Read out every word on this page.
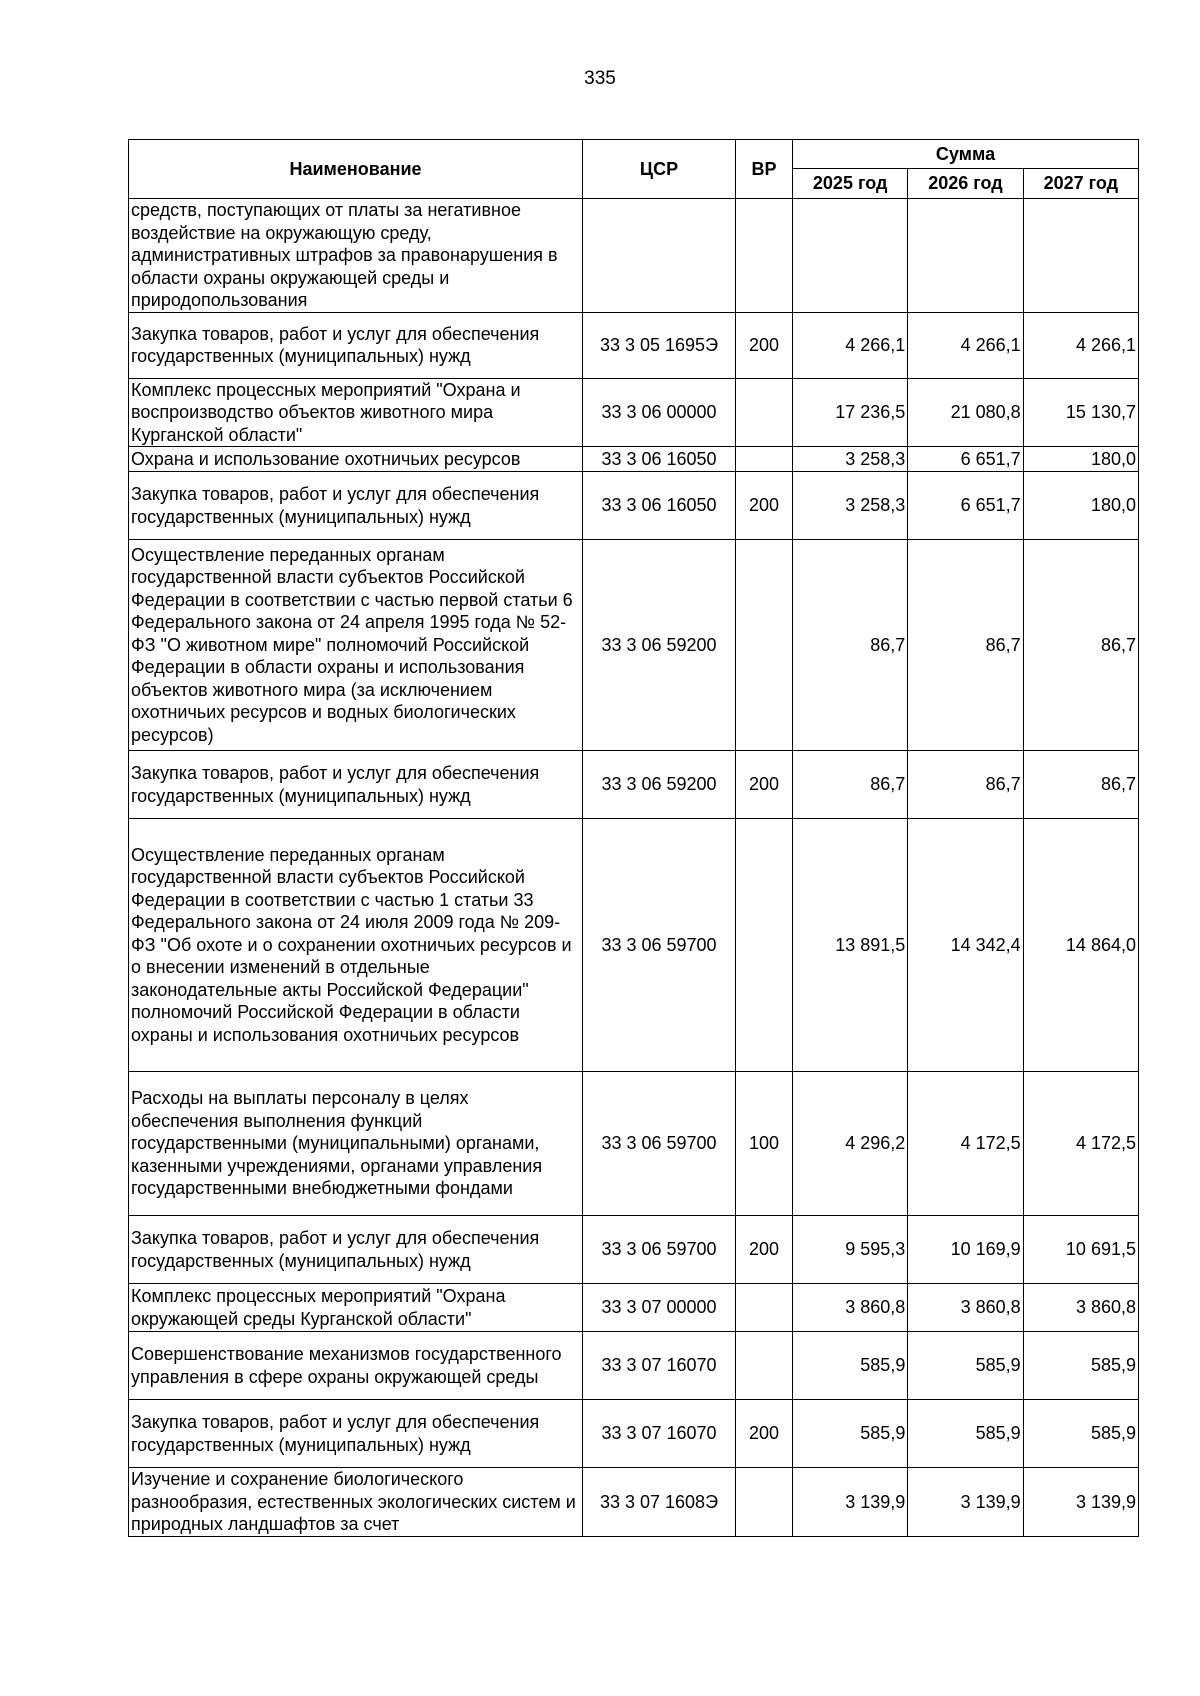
335
Наименование	ЦСР	ВР	Сумма		
			2025 год	2026 год	2027 год
средств, поступающих от платы за негативное воздействие на окружающую среду, административных штрафов за правонарушения в области охраны окружающей среды и природопользования					
Закупка товаров, работ и услуг для обеспечения государственных (муниципальных) нужд	33 3 05 1695Э	200	4 266,1	4 266,1	4 266,1
Комплекс процессных мероприятий "Охрана и воспроизводство объектов животного мира Курганской области"	33 3 06 00000		17 236,5	21 080,8	15 130,7
Охрана и использование охотничьих ресурсов	33 3 06 16050		3 258,3	6 651,7	180,0
Закупка товаров, работ и услуг для обеспечения государственных (муниципальных) нужд	33 3 06 16050	200	3 258,3	6 651,7	180,0
Осуществление переданных органам государственной власти субъектов Российской Федерации в соответствии с частью первой статьи 6 Федерального закона от 24 апреля 1995 года № 52-ФЗ "О животном мире" полномочий Российской Федерации в области охраны и использования объектов животного мира (за исключением охотничьих ресурсов и водных биологических ресурсов)	33 3 06 59200		86,7	86,7	86,7
Закупка товаров, работ и услуг для обеспечения государственных (муниципальных) нужд	33 3 06 59200	200	86,7	86,7	86,7
Осуществление переданных органам государственной власти субъектов Российской Федерации в соответствии с частью 1 статьи 33 Федерального закона от 24 июля 2009 года № 209-ФЗ "Об охоте и о сохранении охотничьих ресурсов и о внесении изменений в отдельные законодательные акты Российской Федерации" полномочий Российской Федерации в области охраны и использования охотничьих ресурсов	33 3 06 59700		13 891,5	14 342,4	14 864,0
Расходы на выплаты персоналу в целях обеспечения выполнения функций государственными (муниципальными) органами, казенными учреждениями, органами управления государственными внебюджетными фондами	33 3 06 59700	100	4 296,2	4 172,5	4 172,5
Закупка товаров, работ и услуг для обеспечения государственных (муниципальных) нужд	33 3 06 59700	200	9 595,3	10 169,9	10 691,5
Комплекс процессных мероприятий "Охрана окружающей среды Курганской области"	33 3 07 00000		3 860,8	3 860,8	3 860,8
Совершенствование механизмов государственного управления в сфере охраны окружающей среды	33 3 07 16070		585,9	585,9	585,9
Закупка товаров, работ и услуг для обеспечения государственных (муниципальных) нужд	33 3 07 16070	200	585,9	585,9	585,9
Изучение и сохранение биологического разнообразия, естественных экологических систем и природных ландшафтов за счет	33 3 07 1608Э		3 139,9	3 139,9	3 139,9
